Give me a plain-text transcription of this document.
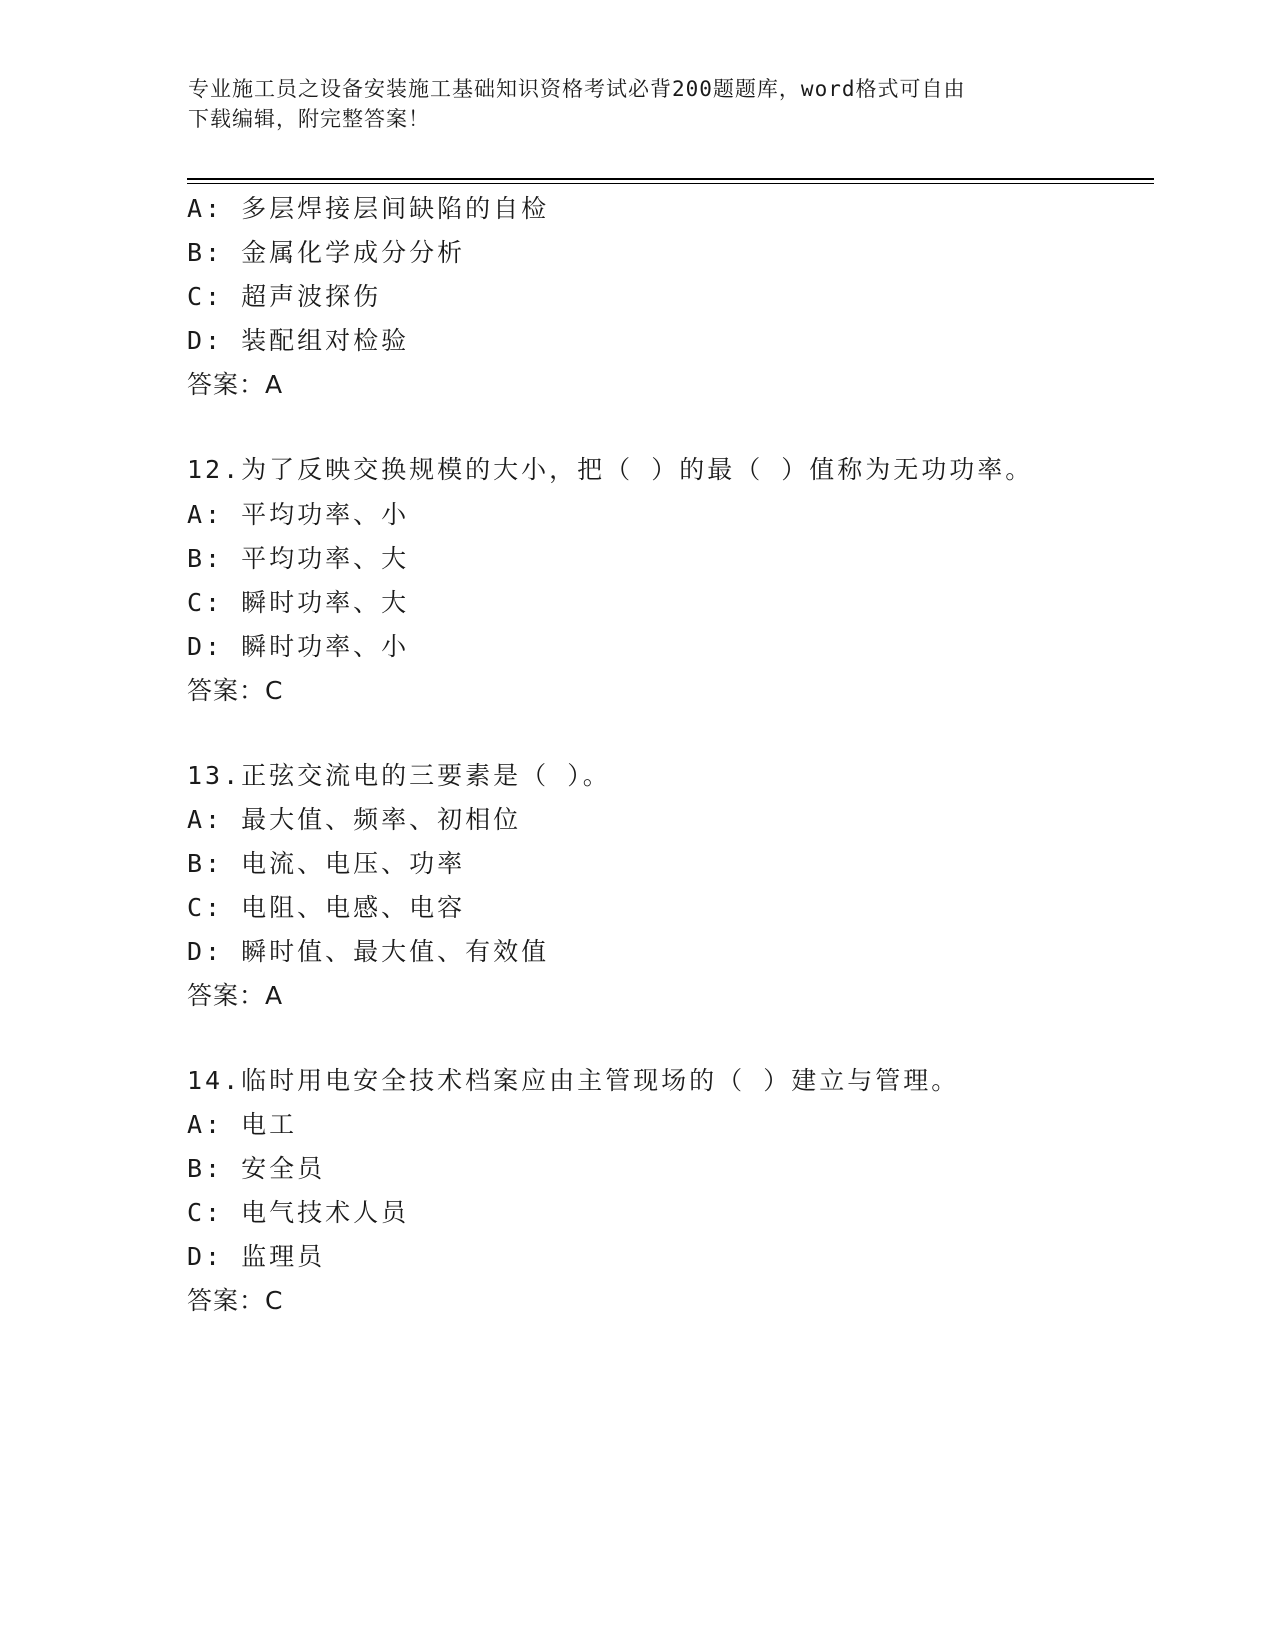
专业施工员之设备安装施工基础知识资格考试必背200题题库，word格式可自由
下载编辑，附完整答案！
A: 多层焊接层间缺陷的自检
B: 金属化学成分分析
C: 超声波探伤
D: 装配组对检验
答案：A
12.为了反映交换规模的大小，把（ ）的最（ ）值称为无功功率。
A: 平均功率、小
B: 平均功率、大
C: 瞬时功率、大
D: 瞬时功率、小
答案：C
13.正弦交流电的三要素是（ ）。
A: 最大值、频率、初相位
B: 电流、电压、功率
C: 电阻、电感、电容
D: 瞬时值、最大值、有效值
答案：A
14.临时用电安全技术档案应由主管现场的（ ）建立与管理。
A: 电工
B: 安全员
C: 电气技术人员
D: 监理员
答案：C
